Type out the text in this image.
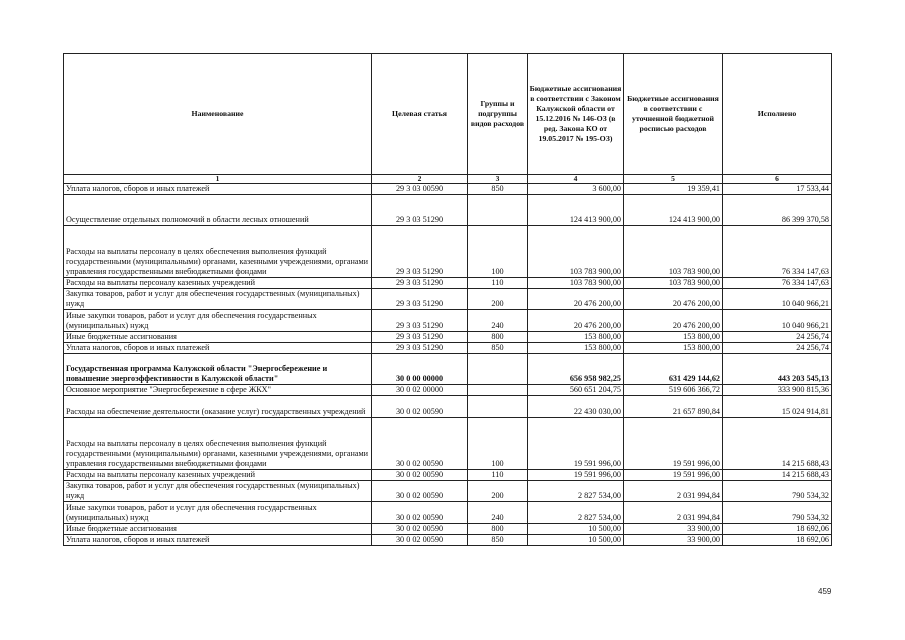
Наименование	Целевая статья	Группы и подгруппы видов расходов	Бюджетные ассигнования в соответствии с Законом Калужской области от 15.12.2016 № 146-ОЗ (в ред. Закона КО от 19.05.2017 № 195-ОЗ)	Бюджетные ассигнования в соответствии с уточненной бюджетной росписью расходов	Исполнено
1	2	3	4	5	6
Уплата налогов, сборов и иных платежей	29 3 03 00590	850	3 600,00	19 359,41	17 533,44
Осуществление отдельных полномочий в области лесных отношений	29 3 03 51290		124 413 900,00	124 413 900,00	86 399 370,58
Расходы на выплаты персоналу в целях обеспечения выполнения функций государственными (муниципальными) органами, казенными учреждениями, органами управления государственными внебюджетными фондами	29 3 03 51290	100	103 783 900,00	103 783 900,00	76 334 147,63
Расходы на выплаты персоналу казенных учреждений	29 3 03 51290	110	103 783 900,00	103 783 900,00	76 334 147,63
Закупка товаров, работ и услуг для обеспечения государственных (муниципальных) нужд	29 3 03 51290	200	20 476 200,00	20 476 200,00	10 040 966,21
Иные закупки товаров, работ и услуг для обеспечения государственных (муниципальных) нужд	29 3 03 51290	240	20 476 200,00	20 476 200,00	10 040 966,21
Иные бюджетные ассигнования	29 3 03 51290	800	153 800,00	153 800,00	24 256,74
Уплата налогов, сборов и иных платежей	29 3 03 51290	850	153 800,00	153 800,00	24 256,74
Государственная программа Калужской области "Энергосбережение и повышение энергоэффективности в Калужской области"	30 0 00 00000		656 958 982,25	631 429 144,62	443 203 545,13
Основное мероприятие "Энергосбережение в сфере ЖКХ"	30 0 02 00000		560 651 204,75	519 606 366,72	333 900 815,36
Расходы на обеспечение деятельности (оказание услуг) государственных учреждений	30 0 02 00590		22 430 030,00	21 657 890,84	15 024 914,81
Расходы на выплаты персоналу в целях обеспечения выполнения функций государственными (муниципальными) органами, казенными учреждениями, органами управления государственными внебюджетными фондами	30 0 02 00590	100	19 591 996,00	19 591 996,00	14 215 688,43
Расходы на выплаты персоналу казенных учреждений	30 0 02 00590	110	19 591 996,00	19 591 996,00	14 215 688,43
Закупка товаров, работ и услуг для обеспечения государственных (муниципальных) нужд	30 0 02 00590	200	2 827 534,00	2 031 994,84	790 534,32
Иные закупки товаров, работ и услуг для обеспечения государственных (муниципальных) нужд	30 0 02 00590	240	2 827 534,00	2 031 994,84	790 534,32
Иные бюджетные ассигнования	30 0 02 00590	800	10 500,00	33 900,00	18 692,06
Уплата налогов, сборов и иных платежей	30 0 02 00590	850	10 500,00	33 900,00	18 692,06
459
